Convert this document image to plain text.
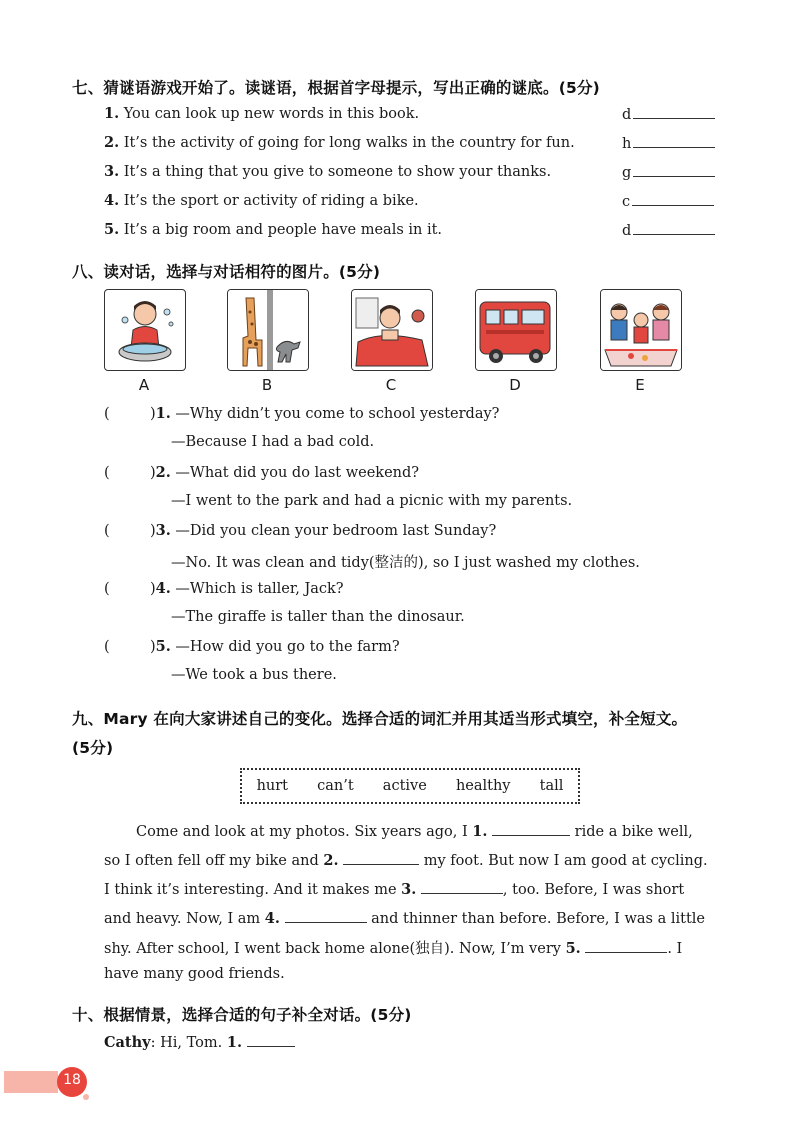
七、猜谜语游戏开始了。读谜语，根据首字母提示，写出正确的谜底。(5分)
1. You can look up new words in this book.	d
2. It’s the activity of going for long walks in the country for fun.	h
3. It’s a thing that you give to someone to show your thanks.	g
4. It’s the sport or activity of riding a bike.	c
5. It’s a big room and people have meals in it.	d
八、读对话，选择与对话相符的图片。(5分)
A	B	C	D	E
(	)1. —Why didn’t you come to school yesterday?
—Because I had a bad cold.
(	)2. —What did you do last weekend?
—I went to the park and had a picnic with my parents.
(	)3. —Did you clean your bedroom last Sunday?
—No. It was clean and tidy(整洁的), so I just washed my clothes.
(	)4. —Which is taller, Jack?
—The giraffe is taller than the dinosaur.
(	)5. —How did you go to the farm?
—We took a bus there.
九、Mary 在向大家讲述自己的变化。选择合适的词汇并用其适当形式填空，补全短文。
(5分)
hurt can’t active healthy tall
Come and look at my photos. Six years ago, I 1.	ride a bike well,
so I often fell off my bike and 2.	my foot. But now I am good at cycling.
I think it’s interesting. And it makes me 3.	, too. Before, I was short
and heavy. Now, I am 4.	and thinner than before. Before, I was a little
shy. After school, I went back home alone(独自). Now, I’m very 5.	. I
have many good friends.
十、根据情景，选择合适的句子补全对话。(5分)
Cathy: Hi, Tom. 1.
18
